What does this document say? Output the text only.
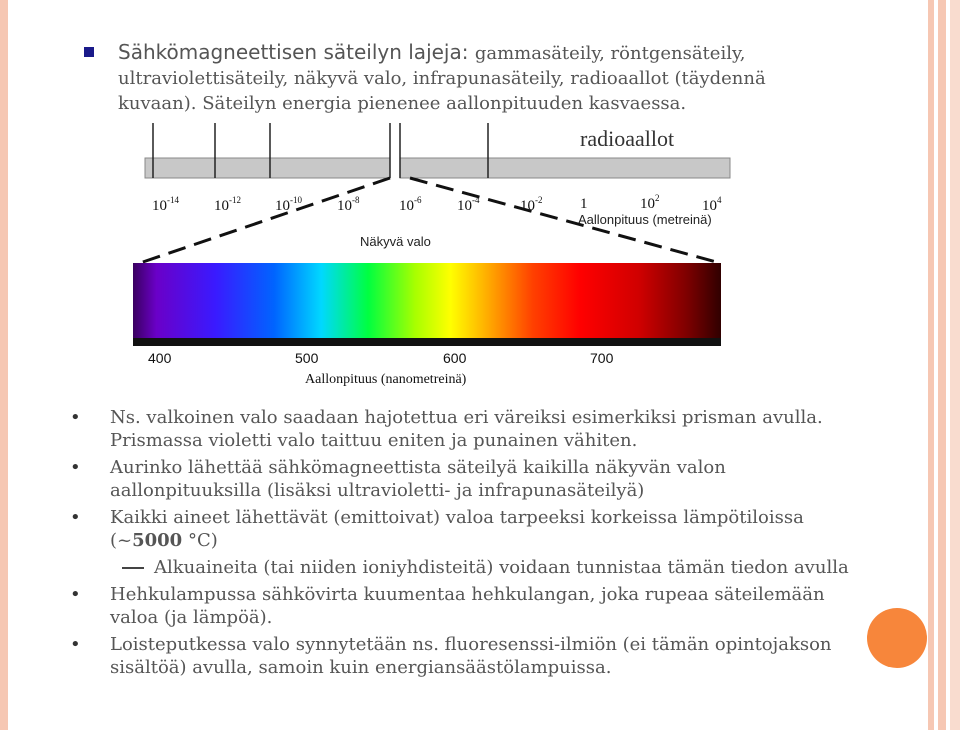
Sähkömagneettisen säteilyn lajeja: gammasäteily, röntgensäteily, ultraviolettisäteily, näkyvä valo, infrapunasäteily, radioaallot (täydennä kuvaan). Säteilyn energia pienenee aallonpituuden kasvaessa.
radioaallot
$10^{-14}$ $10^{-12}$ $10^{-10}$ $10^{-8}$	$10^{-6}$ $10^{-4}$	$10^{-2}$	1	$10^2$	$10^4$
Aallonpituus (metreinä)
Näkyvä valo
400	500	600	700
Aallonpituus (nanometreinä)
• Ns. valkoinen valo saadaan hajotettua eri väreiksi esimerkiksi prisman avulla. Prismassa violetti valo taittuu eniten ja punainen vähiten.
• Aurinko lähettää sähkömagneettista säteilyä kaikilla näkyvän valon aallonpituuksilla (lisäksi ultravioletti- ja infrapunasäteilyä)
• Kaikki aineet lähettävät (emittoivat) valoa tarpeeksi korkeissa lämpötiloissa (~5000 °C)
Alkuaineita (tai niiden ioniyhdisteitä) voidaan tunnistaa tämän tiedon avulla
• Hehkulampussa sähkövirta kuumentaa hehkulangan, joka rupeaa säteilemään valoa (ja lämpöä).
• Loisteputkessa valo synnytetään ns. fluoresenssi-ilmiön (ei tämän opintojakson sisältöä) avulla, samoin kuin energiansäästölampuissa.
